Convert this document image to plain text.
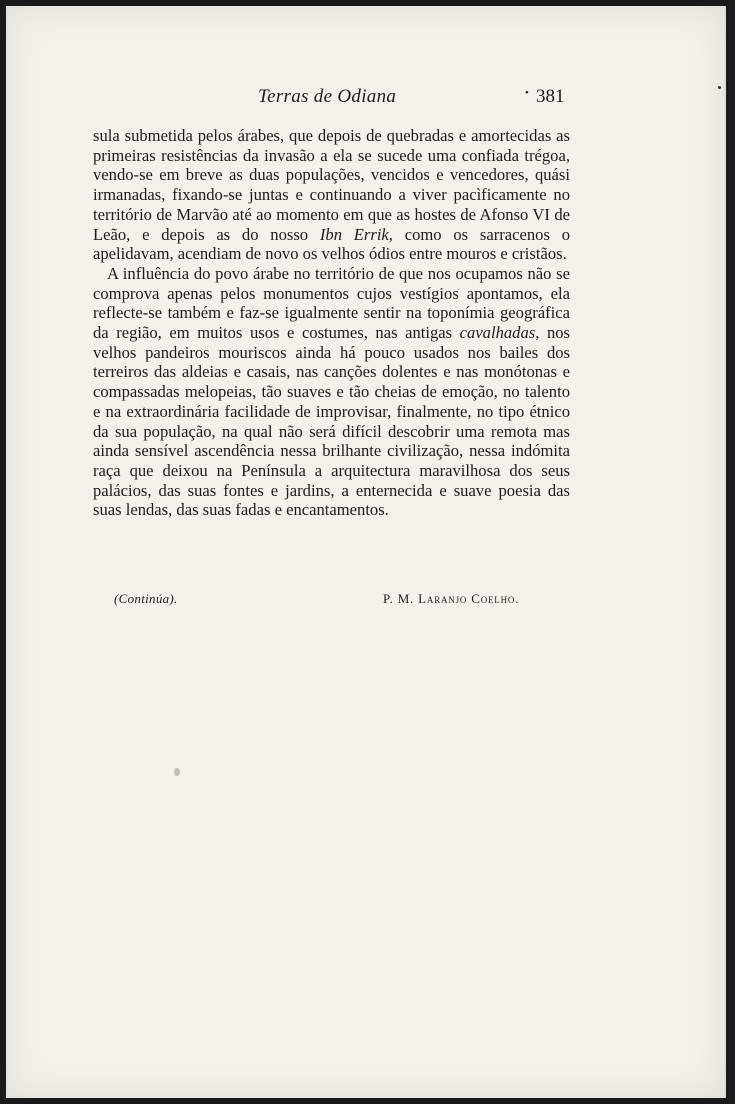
Terras de Odiana	• 381

sula submetida pelos árabes, que depois de quebradas e amortecidas as primeiras resistências da invasão a ela se sucede uma confiada trégoa, vendo-se em breve as duas populações, vencidos e vencedores, quási irmanadas, fixando-se juntas e continuando a viver pacìficamente no território de Marvão até ao momento em que as hostes de Afonso VI de Leão, e depois as do nosso Ibn Errik, como os sarracenos o apelidavam, acendiam de novo os velhos ódios entre mouros e cristãos.

A influência do povo árabe no território de que nos ocupamos não se comprova apenas pelos monumentos cujos vestígios apontamos, ela reflecte-se também e faz-se igualmente sentir na toponímia geográfica da região, em muitos usos e costumes, nas antigas cavalhadas, nos velhos pandeiros mouriscos ainda há pouco usados nos bailes dos terreiros das aldeias e casais, nas canções dolentes e nas monótonas e compassadas melopeias, tão suaves e tão cheias de emoção, no talento e na extraordinária facilidade de improvisar, finalmente, no tipo étnico da sua população, na qual não será difícil descobrir uma remota mas ainda sensível ascendência nessa brilhante civilização, nessa indómita raça que deixou na Península a arquitectura maravilhosa dos seus palácios, das suas fontes e jardins, a enternecida e suave poesia das suas lendas, das suas fadas e encantamentos.

(Continúa).	P. M. Laranjo Coelho.
